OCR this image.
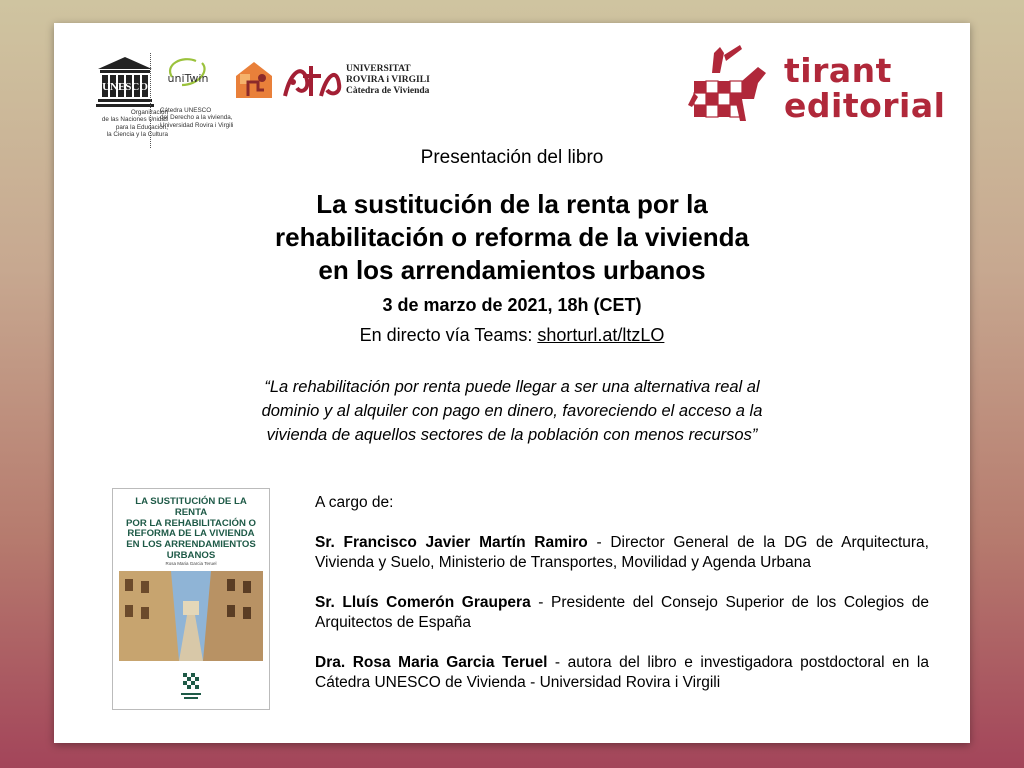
UNESCO
Organización
de las Naciones Unidas
para la Educación,
la Ciencia y la Cultura
uniTwin
Cátedra UNESCO
del Derecho a la vivienda,
Universidad Rovira i Virgili
UNIVERSITAT
ROVIRA i VIRGILI
Càtedra de Vivienda
tirant
editorial
Presentación del libro
La sustitución de la renta por la
rehabilitación o reforma de la vivienda
en los arrendamientos urbanos
3 de marzo de 2021, 18h (CET)
En directo vía Teams: shorturl.at/ltzLO
“La rehabilitación por renta puede llegar a ser una alternativa real al
dominio y al alquiler con pago en dinero, favoreciendo el acceso a la
vivienda de aquellos sectores de la población con menos recursos”
LA SUSTITUCIÓN DE LA RENTA
POR LA REHABILITACIÓN O
REFORMA DE LA VIVIENDA
EN LOS ARRENDAMIENTOS
URBANOS
Rosa Maria Garcia Teruel

A cargo de:

Sr. Francisco Javier Martín Ramiro - Director General de la DG de Arquitectura, Vivienda y Suelo, Ministerio de Transportes, Movilidad y Agenda Urbana

Sr. Lluís Comerón Graupera - Presidente del Consejo Superior de los Colegios de Arquitectos de España

Dra. Rosa Maria Garcia Teruel - autora del libro e investigadora postdoctoral en la Cátedra UNESCO de Vivienda - Universidad Rovira i Virgili
